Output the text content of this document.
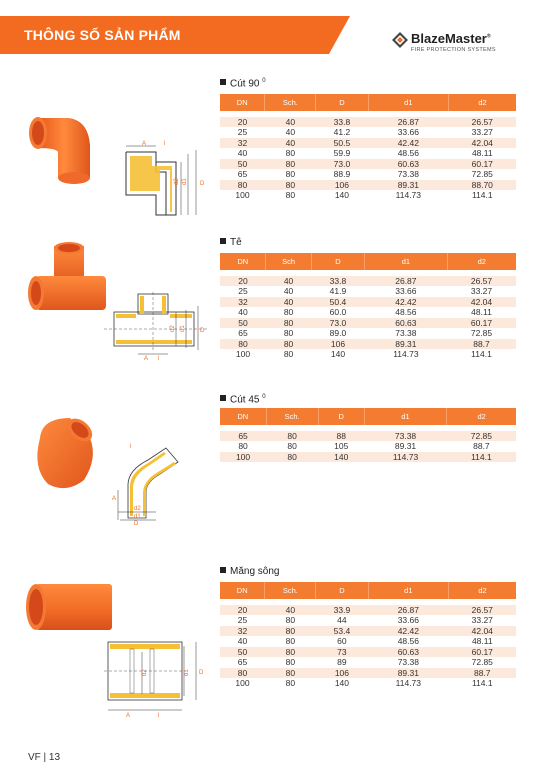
THÔNG SỐ SẢN PHẨM	BlazeMaster®
FIRE PROTECTION SYSTEMS
Cút 90 $^0$
DN	Sch.	D	d1	d2
20	40	33.8	26.87	26.57
25	40	41.2	33.66	33.27
32	40	50.5	42.42	42.04
40	80	59.9	48.56	48.11
50	80	73.0	60.63	60.17
65	80	88.9	73.38	72.85
80	80	106	89.31	88.70
100	80	140	114.73	114.1
A	l
d2 d1 D
Tê
DN	Sch	D	d1	d2
20	40	33.8	26.87	26.57
25	40	41.9	33.66	33.27
32	40	50.4	42.42	42.04
40	80	60.0	48.56	48.11
50	80	73.0	60.63	60.17
65	80	89.0	73.38	72.85
80	80	106	89.31	88.7
100	80	140	114.73	114.1
A l
d2 d1 D
Cút 45 $^0$
DN	Sch.	D	d1	d2
65	80	88	73.38	72.85
80	80	105	89.31	88.7
100	80	140	114.73	114.1
A
l
d2
d1
D
Măng sông
DN	Sch.	D	d1	d2
20	40	33.9	26.87	26.57
25	80	44	33.66	33.27
32	80	53.4	42.42	42.04
40	80	60	48.56	48.11
50	80	73	60.63	60.17
65	80	89	73.38	72.85
80	80	106	89.31	88.7
100	80	140	114.73	114.1
A	l
d2	d1 D
VF | 13
